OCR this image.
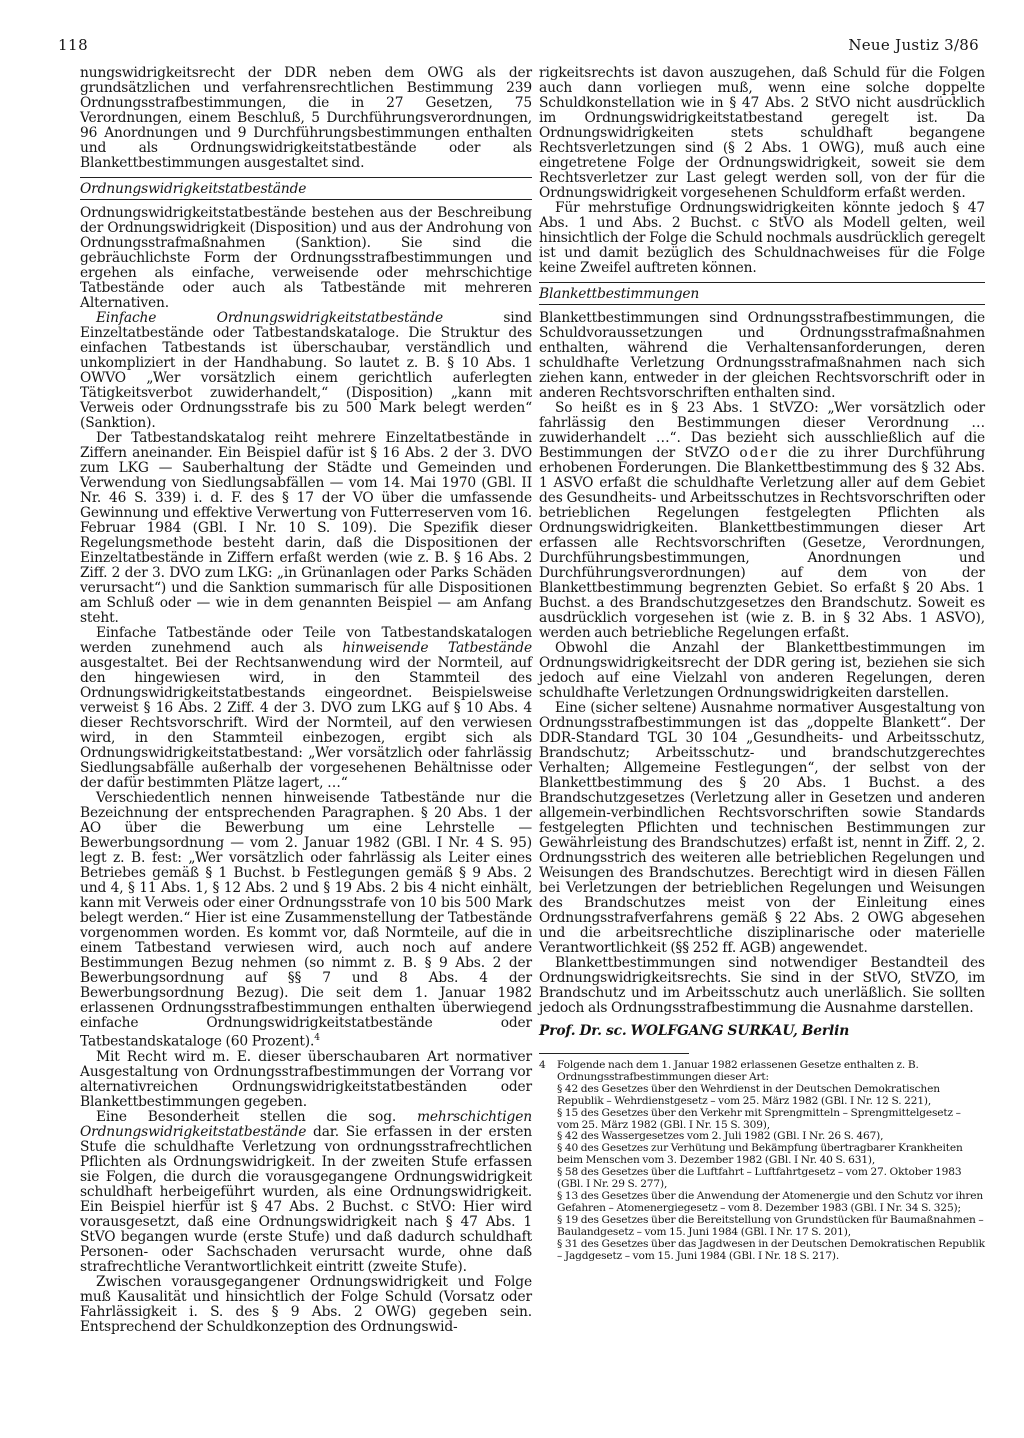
118	Neue Justiz 3/86

nungswidrigkeitsrecht der DDR neben dem OWG als der grundsätzlichen und verfahrensrechtlichen Bestimmung 239 Ordnungsstrafbestimmungen, die in 27 Gesetzen, 75 Verordnungen, einem Beschluß, 5 Durchführungsverordnungen, 96 Anordnungen und 9 Durchführungsbestimmungen enthalten und als Ordnungswidrigkeitstatbestände oder als Blankettbestimmungen ausgestaltet sind.

Ordnungswidrigkeitstatbestände

Ordnungswidrigkeitstatbestände bestehen aus der Beschreibung der Ordnungswidrigkeit (Disposition) und aus der Androhung von Ordnungsstrafmaßnahmen (Sanktion). Sie sind die gebräuchlichste Form der Ordnungsstrafbestimmungen und ergehen als einfache, verweisende oder mehrschichtige Tatbestände oder auch als Tatbestände mit mehreren Alternativen.

Einfache Ordnungswidrigkeitstatbestände sind Einzeltatbestände oder Tatbestandskataloge. Die Struktur des einfachen Tatbestands ist überschaubar, verständlich und unkompliziert in der Handhabung. So lautet z. B. § 10 Abs. 1 OWVO „Wer vorsätzlich einem gerichtlich auferlegten Tätigkeitsverbot zuwiderhandelt,“ (Disposition) „kann mit Verweis oder Ordnungsstrafe bis zu 500 Mark belegt werden“ (Sanktion).

Der Tatbestandskatalog reiht mehrere Einzeltatbestände in Ziffern aneinander. Ein Beispiel dafür ist § 16 Abs. 2 der 3. DVO zum LKG — Sauberhaltung der Städte und Gemeinden und Verwendung von Siedlungsabfällen — vom 14. Mai 1970 (GBl. II Nr. 46 S. 339) i. d. F. des § 17 der VO über die umfassende Gewinnung und effektive Verwertung von Futterreserven vom 16. Februar 1984 (GBl. I Nr. 10 S. 109). Die Spezifik dieser Regelungsmethode besteht darin, daß die Dispositionen der Einzeltatbestände in Ziffern erfaßt werden (wie z. B. § 16 Abs. 2 Ziff. 2 der 3. DVO zum LKG: „in Grünanlagen oder Parks Schäden verursacht“) und die Sanktion summarisch für alle Dispositionen am Schluß oder — wie in dem genannten Beispiel — am Anfang steht.

Einfache Tatbestände oder Teile von Tatbestandskatalogen werden zunehmend auch als hinweisende Tatbestände ausgestaltet. Bei der Rechtsanwendung wird der Normteil, auf den hingewiesen wird, in den Stammteil des Ordnungswidrigkeitstatbestands eingeordnet. Beispielsweise verweist § 16 Abs. 2 Ziff. 4 der 3. DVO zum LKG auf § 10 Abs. 4 dieser Rechtsvorschrift. Wird der Normteil, auf den verwiesen wird, in den Stammteil einbezogen, ergibt sich als Ordnungswidrigkeitstatbestand: „Wer vorsätzlich oder fahrlässig Siedlungsabfälle außerhalb der vorgesehenen Behältnisse oder der dafür bestimmten Plätze lagert, …“

Verschiedentlich nennen hinweisende Tatbestände nur die Bezeichnung der entsprechenden Paragraphen. § 20 Abs. 1 der AO über die Bewerbung um eine Lehrstelle — Bewerbungsordnung — vom 2. Januar 1982 (GBl. I Nr. 4 S. 95) legt z. B. fest: „Wer vorsätzlich oder fahrlässig als Leiter eines Betriebes gemäß § 1 Buchst. b Festlegungen gemäß § 9 Abs. 2 und 4, § 11 Abs. 1, § 12 Abs. 2 und § 19 Abs. 2 bis 4 nicht einhält, kann mit Verweis oder einer Ordnungsstrafe von 10 bis 500 Mark belegt werden.“ Hier ist eine Zusammenstellung der Tatbestände vorgenommen worden. Es kommt vor, daß Normteile, auf die in einem Tatbestand verwiesen wird, auch noch auf andere Bestimmungen Bezug nehmen (so nimmt z. B. § 9 Abs. 2 der Bewerbungsordnung auf §§ 7 und 8 Abs. 4 der Bewerbungsordnung Bezug). Die seit dem 1. Januar 1982 erlassenen Ordnungsstrafbestimmungen enthalten überwiegend einfache Ordnungswidrigkeitstatbestände oder Tatbestandskataloge (60 Prozent).$^4$

Mit Recht wird m. E. dieser überschaubaren Art normativer Ausgestaltung von Ordnungsstrafbestimmungen der Vorrang vor alternativreichen Ordnungswidrigkeitstatbeständen oder Blankettbestimmungen gegeben.

Eine Besonderheit stellen die sog. mehrschichtigen Ordnungswidrigkeitstatbestände dar. Sie erfassen in der ersten Stufe die schuldhafte Verletzung von ordnungsstrafrechtlichen Pflichten als Ordnungswidrigkeit. In der zweiten Stufe erfassen sie Folgen, die durch die vorausgegangene Ordnungswidrigkeit schuldhaft herbeigeführt wurden, als eine Ordnungswidrigkeit. Ein Beispiel hierfür ist § 47 Abs. 2 Buchst. c StVO: Hier wird vorausgesetzt, daß eine Ordnungswidrigkeit nach § 47 Abs. 1 StVO begangen wurde (erste Stufe) und daß dadurch schuldhaft Personen- oder Sachschaden verursacht wurde, ohne daß strafrechtliche Verantwortlichkeit eintritt (zweite Stufe).

Zwischen vorausgegangener Ordnungswidrigkeit und Folge muß Kausalität und hinsichtlich der Folge Schuld (Vorsatz oder Fahrlässigkeit i. S. des § 9 Abs. 2 OWG) gegeben sein. Entsprechend der Schuldkonzeption des Ordnungswid-

rigkeitsrechts ist davon auszugehen, daß Schuld für die Folgen auch dann vorliegen muß, wenn eine solche doppelte Schuldkonstellation wie in § 47 Abs. 2 StVO nicht ausdrücklich im Ordnungswidrigkeitstatbestand geregelt ist. Da Ordnungswidrigkeiten stets schuldhaft begangene Rechtsverletzungen sind (§ 2 Abs. 1 OWG), muß auch eine eingetretene Folge der Ordnungswidrigkeit, soweit sie dem Rechtsverletzer zur Last gelegt werden soll, von der für die Ordnungswidrigkeit vorgesehenen Schuldform erfaßt werden.

Für mehrstufige Ordnungswidrigkeiten könnte jedoch § 47 Abs. 1 und Abs. 2 Buchst. c StVO als Modell gelten, weil hinsichtlich der Folge die Schuld nochmals ausdrücklich geregelt ist und damit bezüglich des Schuldnachweises für die Folge keine Zweifel auftreten können.

Blankettbestimmungen

Blankettbestimmungen sind Ordnungsstrafbestimmungen, die Schuldvoraussetzungen und Ordnungsstrafmaßnahmen enthalten, während die Verhaltensanforderungen, deren schuldhafte Verletzung Ordnungsstrafmaßnahmen nach sich ziehen kann, entweder in der gleichen Rechtsvorschrift oder in anderen Rechtsvorschriften enthalten sind.

So heißt es in § 23 Abs. 1 StVZO: „Wer vorsätzlich oder fahrlässig den Bestimmungen dieser Verordnung … zuwiderhandelt …“. Das bezieht sich ausschließlich auf die Bestimmungen der StVZO oder die zu ihrer Durchführung erhobenen Forderungen. Die Blankettbestimmung des § 32 Abs. 1 ASVO erfaßt die schuldhafte Verletzung aller auf dem Gebiet des Gesundheits- und Arbeitsschutzes in Rechtsvorschriften oder betrieblichen Regelungen festgelegten Pflichten als Ordnungswidrigkeiten. Blankettbestimmungen dieser Art erfassen alle Rechtsvorschriften (Gesetze, Verordnungen, Durchführungsbestimmungen, Anordnungen und Durchführungsverordnungen) auf dem von der Blankettbestimmung begrenzten Gebiet. So erfaßt § 20 Abs. 1 Buchst. a des Brandschutzgesetzes den Brandschutz. Soweit es ausdrücklich vorgesehen ist (wie z. B. in § 32 Abs. 1 ASVO), werden auch betriebliche Regelungen erfaßt.

Obwohl die Anzahl der Blankettbestimmungen im Ordnungswidrigkeitsrecht der DDR gering ist, beziehen sie sich jedoch auf eine Vielzahl von anderen Regelungen, deren schuldhafte Verletzungen Ordnungswidrigkeiten darstellen.

Eine (sicher seltene) Ausnahme normativer Ausgestaltung von Ordnungsstrafbestimmungen ist das „doppelte Blankett“. Der DDR-Standard TGL 30 104 „Gesundheits- und Arbeitsschutz, Brandschutz; Arbeitsschutz- und brandschutzgerechtes Verhalten; Allgemeine Festlegungen“, der selbst von der Blankettbestimmung des § 20 Abs. 1 Buchst. a des Brandschutzgesetzes (Verletzung aller in Gesetzen und anderen allgemein-verbindlichen Rechtsvorschriften sowie Standards festgelegten Pflichten und technischen Bestimmungen zur Gewährleistung des Brandschutzes) erfaßt ist, nennt in Ziff. 2, 2. Ordnungsstrich des weiteren alle betrieblichen Regelungen und Weisungen des Brandschutzes. Berechtigt wird in diesen Fällen bei Verletzungen der betrieblichen Regelungen und Weisungen des Brandschutzes meist von der Einleitung eines Ordnungsstrafverfahrens gemäß § 22 Abs. 2 OWG abgesehen und die arbeitsrechtliche disziplinarische oder materielle Verantwortlichkeit (§§ 252 ff. AGB) angewendet.

Blankettbestimmungen sind notwendiger Bestandteil des Ordnungswidrigkeitsrechts. Sie sind in der StVO, StVZO, im Brandschutz und im Arbeitsschutz auch unerläßlich. Sie sollten jedoch als Ordnungsstrafbestimmung die Ausnahme darstellen.

Prof. Dr. sc. WOLFGANG SURKAU, Berlin
4	Folgende nach dem 1. Januar 1982 erlassenen Gesetze enthalten z. B. Ordnungsstrafbestimmungen dieser Art:

§ 42 des Gesetzes über den Wehrdienst in der Deutschen Demokratischen Republik – Wehrdienstgesetz – vom 25. März 1982 (GBl. I Nr. 12 S. 221),

§ 15 des Gesetzes über den Verkehr mit Sprengmitteln – Sprengmittelgesetz – vom 25. März 1982 (GBl. I Nr. 15 S. 309),

§ 42 des Wassergesetzes vom 2. Juli 1982 (GBl. I Nr. 26 S. 467),

§ 40 des Gesetzes zur Verhütung und Bekämpfung übertragbarer Krankheiten beim Menschen vom 3. Dezember 1982 (GBl. I Nr. 40 S. 631),

§ 58 des Gesetzes über die Luftfahrt – Luftfahrtgesetz – vom 27. Oktober 1983 (GBl. I Nr. 29 S. 277),

§ 13 des Gesetzes über die Anwendung der Atomenergie und den Schutz vor ihren Gefahren – Atomenergiegesetz – vom 8. Dezember 1983 (GBl. I Nr. 34 S. 325);

§ 19 des Gesetzes über die Bereitstellung von Grundstücken für Baumaßnahmen – Baulandgesetz – vom 15. Juni 1984 (GBl. I Nr. 17 S. 201),

§ 31 des Gesetzes über das Jagdwesen in der Deutschen Demokratischen Republik – Jagdgesetz – vom 15. Juni 1984 (GBl. I Nr. 18 S. 217).
